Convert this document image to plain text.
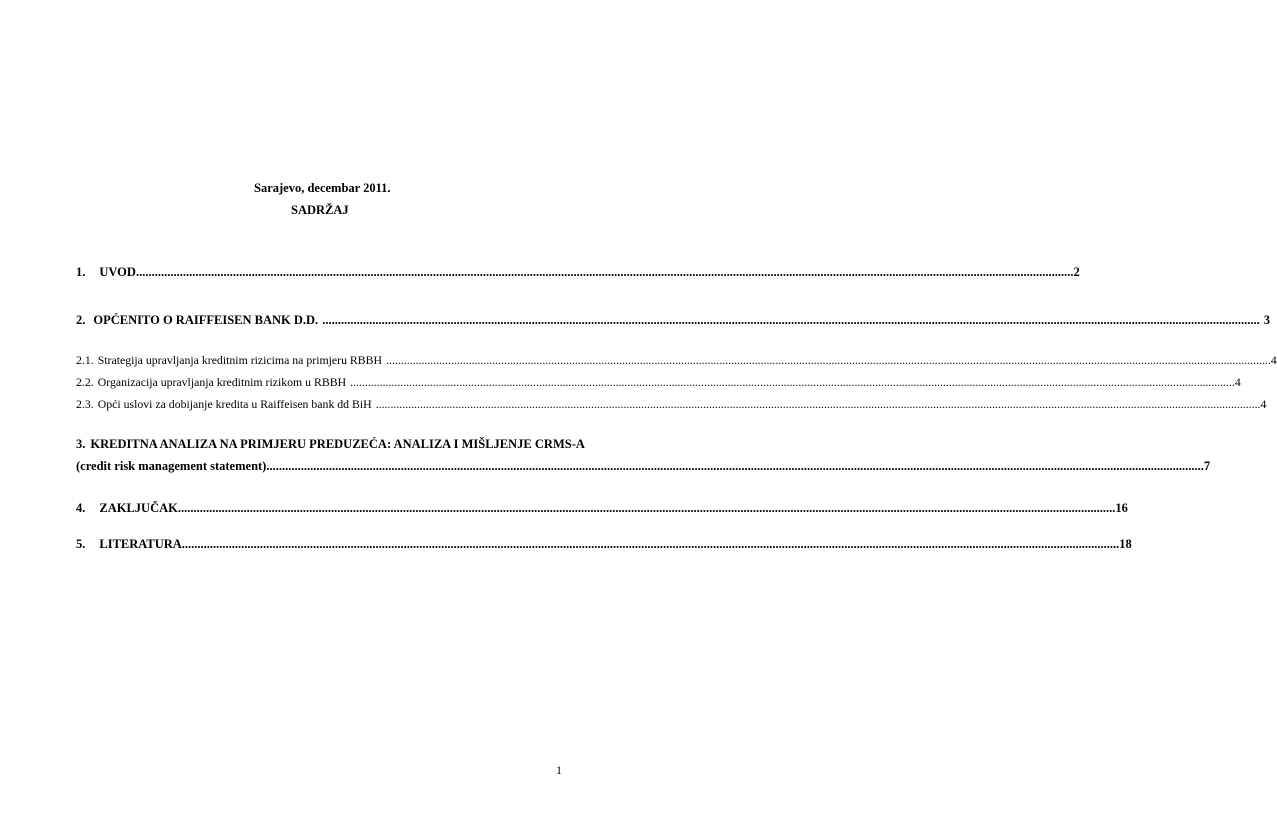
Sarajevo, decembar 2011.
SADRŽAJ
1. UVOD ............................................................................................................................................................................................................................................................................................................ 2
2. OPĆENITO O RAIFFEISEN BANK D.D. ............................................................................................................................................................................................................................................................................................................ 3
2.1. Strategija upravljanja kreditnim rizicima na primjeru RBBH ............................................................................................................................................................................................................................................................................................................ 4
2.2. Organizacija upravljanja kreditnim rizikom u RBBH ............................................................................................................................................................................................................................................................................................................ 4
2.3. Opći uslovi za dobijanje kredita u Raiffeisen bank dd BiH ............................................................................................................................................................................................................................................................................................................ 4
3. KREDITNA ANALIZA NA PRIMJERU PREDUZEĆA: ANALIZA I MIŠLJENJE CRMS-A
(credit risk management statement) ............................................................................................................................................................................................................................................................................................................ 7
4. ZAKLJUČAK ............................................................................................................................................................................................................................................................................................................ 16
5. LITERATURA ............................................................................................................................................................................................................................................................................................................ 18
1
